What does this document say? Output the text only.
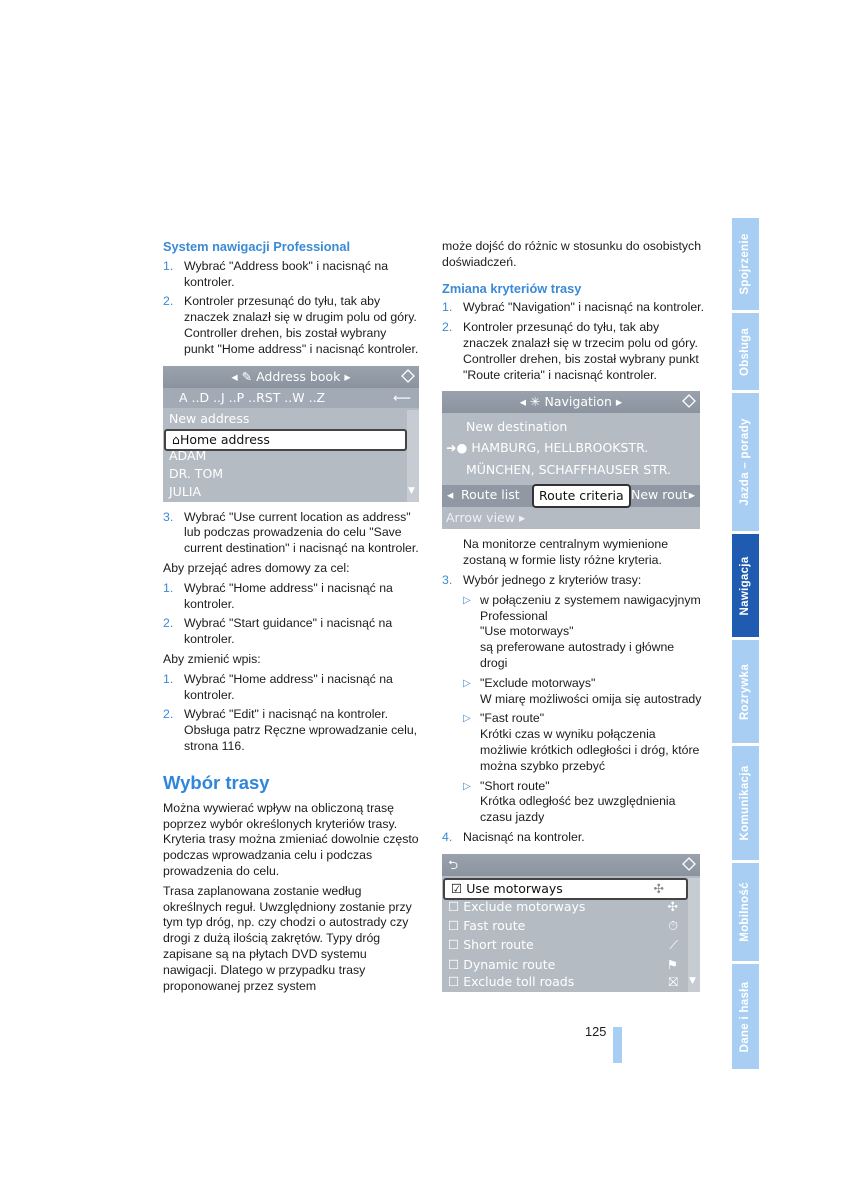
System nawigacji Professional
1. Wybrać "Address book" i nacisnąć na kontroler.
2. Kontroler przesunąć do tyłu, tak aby znaczek znalazł się w drugim polu od góry. Controller drehen, bis został wybrany punkt "Home address" i nacisnąć kontroler.
◂ ✎ Address book ▸
A ..D ..J ..P ..RST ..W ..Z	⟵
New address
⌂Home address
ADAM
DR. TOM
JULIA	▼
3. Wybrać "Use current location as address" lub podczas prowadzenia do celu "Save current destination" i nacisnąć na kontroler.

Aby przejąć adres domowy za cel:

1. Wybrać "Home address" i nacisnąć na kontroler.
2. Wybrać "Start guidance" i nacisnąć na kontroler.

Aby zmienić wpis:

1. Wybrać "Home address" i nacisnąć na kontroler.
2. Wybrać "Edit" i nacisnąć na kontroler. Obsługa patrz Ręczne wprowadzanie celu, strona 116.
Wybór trasy

Można wywierać wpływ na obliczoną trasę poprzez wybór określonych kryteriów trasy. Kryteria trasy można zmieniać dowolnie często podczas wprowadzania celu i podczas prowadzenia do celu.

Trasa zaplanowana zostanie według określnych reguł. Uwzględniony zostanie przy tym typ dróg, np. czy chodzi o autostrady czy drogi z dużą ilością zakrętów. Typy dróg zapisane są na płytach DVD systemu nawigacji. Dlatego w przypadku trasy proponowanej przez system

może dojść do różnic w stosunku do osobistych doświadczeń.

Zmiana kryteriów trasy
1. Wybrać "Navigation" i nacisnąć na kontroler.
2. Kontroler przesunąć do tyłu, tak aby znaczek znalazł się w trzecim polu od góry. Controller drehen, bis został wybrany punkt "Route criteria" i nacisnąć kontroler.
◂ ✳ Navigation ▸
New destination
➜● HAMBURG, HELLBROOKSTR.
MÜNCHEN, SCHAFFHAUSER STR.
◂ Route list	Route criteria New rout ▸
Arrow view ▸

Na monitorze centralnym wymienione zostaną w formie listy różne kryteria.

3. Wybór jednego z kryteriów trasy:
▷ w połączeniu z systemem nawigacyjnym Professional
"Use motorways"
są preferowane autostrady i główne drogi
▷ "Exclude motorways"
W miarę możliwości omija się autostrady
▷ "Fast route"
Krótki czas w wyniku połączenia możliwie krótkich odległości i dróg, które można szybko przebyć
▷ "Short route"
Krótka odległość bez uwzględnienia czasu jazdy
4. Nacisnąć na kontroler.
⮌
☑ Use motorways	✣
☐ Exclude motorways	✣
☐ Fast route	⏱
☐ Short route	⟋
☐ Dynamic route	⚑
☐ Exclude toll roads	⛝ ▼
Spojrzenie
Obsługa
Jazda – porady
Nawigacja
Rozrywka
Komunikacja
Mobilność
Dane i hasła
125
